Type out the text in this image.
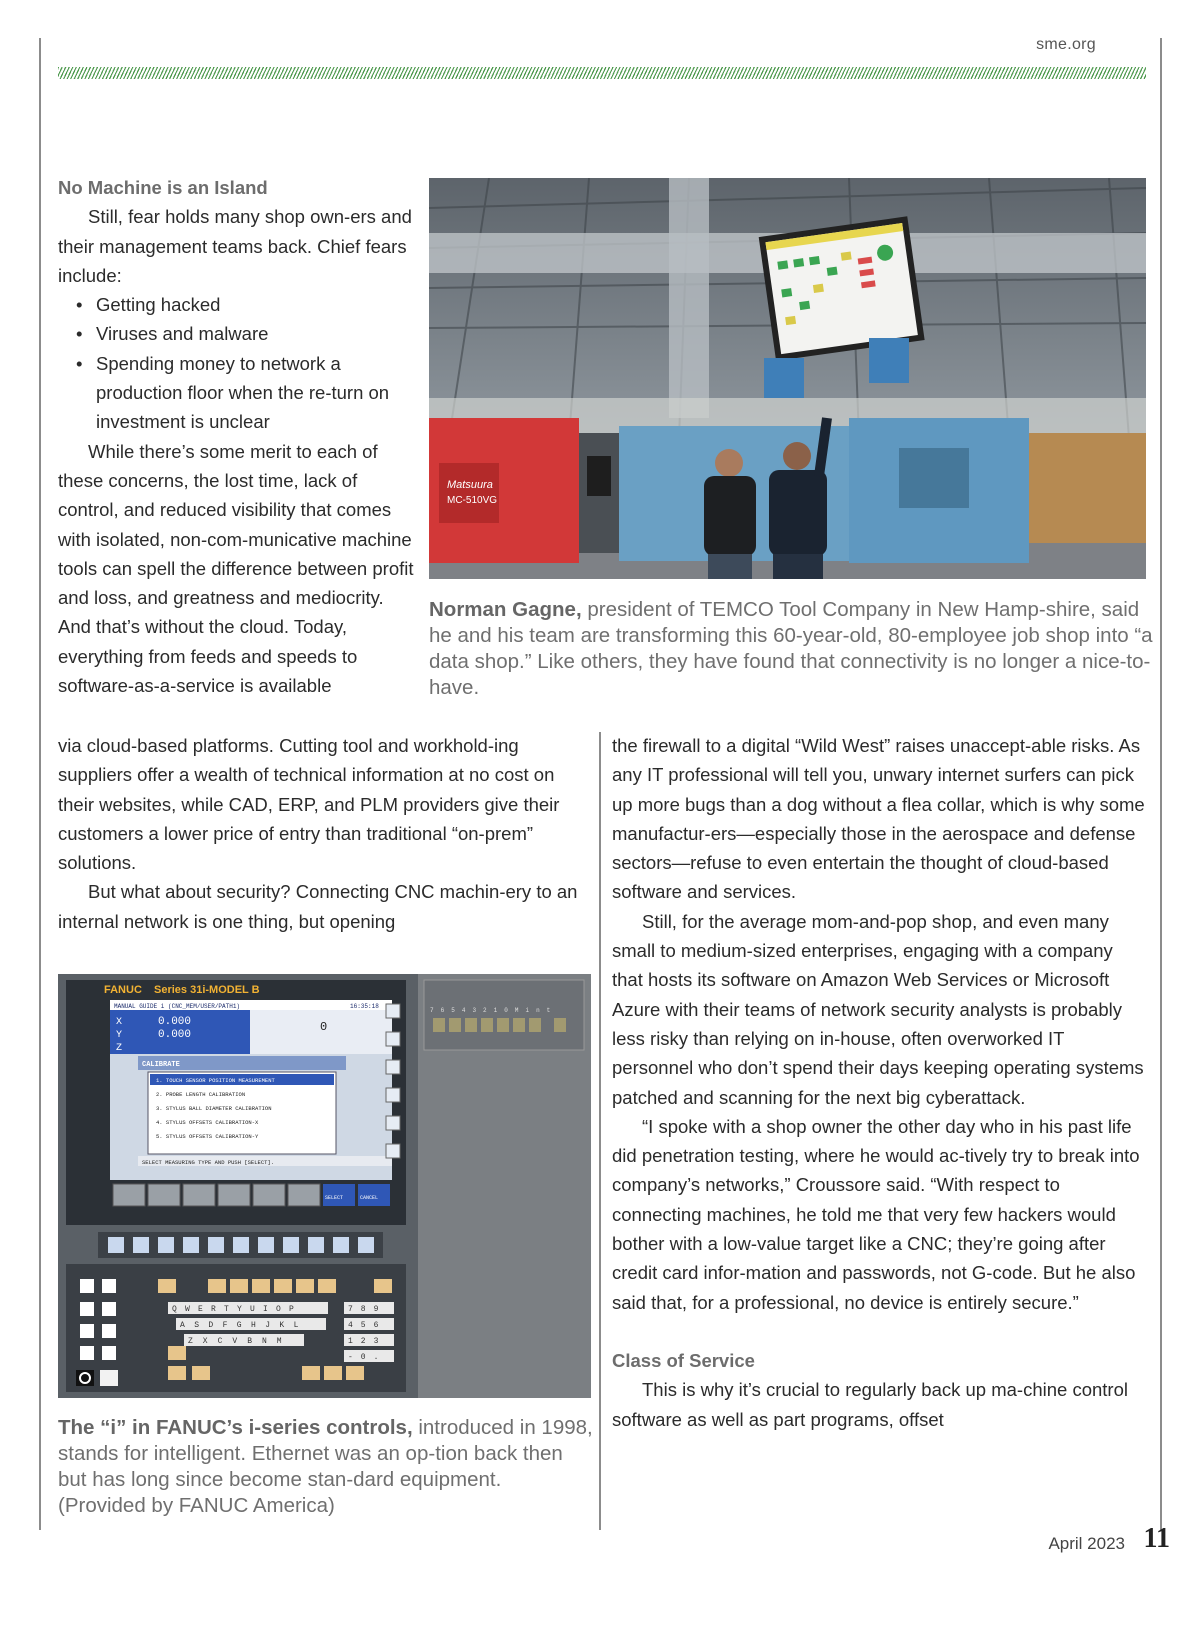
sme.org

No Machine is an Island

Still, fear holds many shop own-ers and their management teams back. Chief fears include:

• Getting hacked
• Viruses and malware
• Spending money to network a production floor when the re-turn on investment is unclear

While there’s some merit to each of these concerns, the lost time, lack of control, and reduced visibility that comes with isolated, non-com-municative machine tools can spell the difference between profit and loss, and greatness and mediocrity. And that’s without the cloud. Today, everything from feeds and speeds to software-as-a-service is available

via cloud-based platforms. Cutting tool and workhold-ing suppliers offer a wealth of technical information at no cost on their websites, while CAD, ERP, and PLM providers give their customers a lower price of entry than traditional “on-prem” solutions.

But what about security? Connecting CNC machin-ery to an internal network is one thing, but opening

the firewall to a digital “Wild West” raises unaccept-able risks. As any IT professional will tell you, unwary internet surfers can pick up more bugs than a dog without a flea collar, which is why some manufactur-ers—especially those in the aerospace and defense sectors—refuse to even entertain the thought of cloud-based software and services.

Still, for the average mom-and-pop shop, and even many small to medium-sized enterprises, engaging with a company that hosts its software on Amazon Web Services or Microsoft Azure with their teams of network security analysts is probably less risky than relying on in-house, often overworked IT personnel who don’t spend their days keeping operating systems patched and scanning for the next big cyberattack.

“I spoke with a shop owner the other day who in his past life did penetration testing, where he would ac-tively try to break into company’s networks,” Croussore said. “With respect to connecting machines, he told me that very few hackers would bother with a low-value target like a CNC; they’re going after credit card infor-mation and passwords, not G-code. But he also said that, for a professional, no device is entirely secure.”

Class of Service

This is why it’s crucial to regularly back up ma-chine control software as well as part programs, offset

Matsuura
MC-510VG
Norman Gagne, president of TEMCO Tool Company in New Hamp-shire, said he and his team are transforming this 60-year-old, 80-employee job shop into “a data shop.” Like others, they have found that connectivity is no longer a nice-to-have.
FANUC Series 31i-MODEL B
MANUAL GUIDE i (CNC_MEM/USER/PATH1)	16:35:18
X	0.000
Y	0.000
Z
0
CALIBRATE
1. TOUCH SENSOR POSITION MEASUREMENT
2. PROBE LENGTH CALIBRATION
3. STYLUS BALL DIAMETER CALIBRATION
4. STYLUS OFFSETS CALIBRATION-X
5. STYLUS OFFSETS CALIBRATION-Y
SELECT MEASURING TYPE AND PUSH [SELECT].
SELECT	CANCEL
QWERTYUIOP
ASDFGHJKL
ZXCVBNM
789
456
123
-0.
76543210Mint
The “i” in FANUC’s i-series controls, introduced in 1998, stands for intelligent. Ethernet was an op-tion back then but has long since become stan-dard equipment. (Provided by FANUC America)
April 2023 11
